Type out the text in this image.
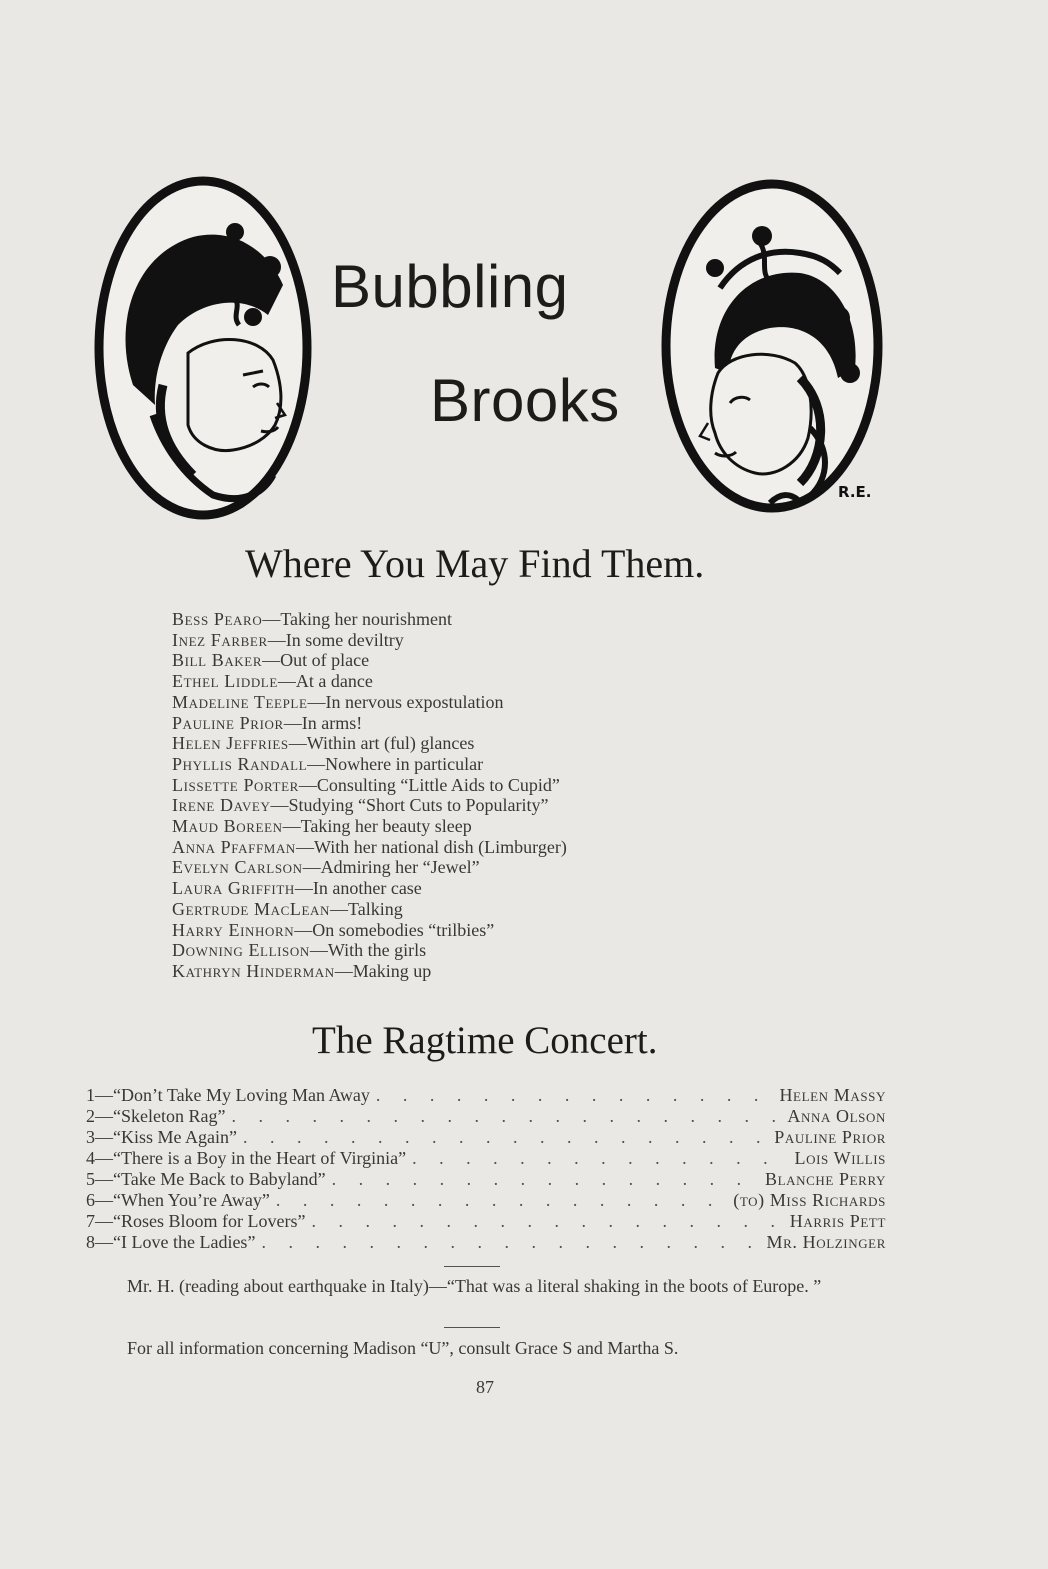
R.E.
Bubbling
Brooks
Where You May Find Them.
Bess Pearo—Taking her nourishment
Inez Farber—In some deviltry
Bill Baker—Out of place
Ethel Liddle—At a dance
Madeline Teeple—In nervous expostulation
Pauline Prior—In arms!
Helen Jeffries—Within art (ful) glances
Phyllis Randall—Nowhere in particular
Lissette Porter—Consulting “Little Aids to Cupid”
Irene Davey—Studying “Short Cuts to Popularity”
Maud Boreen—Taking her beauty sleep
Anna Pfaffman—With her national dish (Limburger)
Evelyn Carlson—Admiring her “Jewel”
Laura Griffith—In another case
Gertrude MacLean—Talking
Harry Einhorn—On somebodies “trilbies”
Downing Ellison—With the girls
Kathryn Hinderman—Making up
The Ragtime Concert.
1 — “Don’t Take My Loving Man Away . . .	Helen Massy
2 — “Skeleton Rag” . . .	Anna Olson
3 — “Kiss Me Again” . . .	Pauline Prior
4 — “There is a Boy in the Heart of Virginia” . . .	Lois Willis
5 — “Take Me Back to Babyland” . . .	Blanche Perry
6 — “When You’re Away” . . .	(to) Miss Richards
7 — “Roses Bloom for Lovers” . . .	Harris Pett
8 — “I Love the Ladies” . . .	Mr. Holzinger

Mr. H. (reading about earthquake in Italy)—“That was a literal shaking in the boots of Europe. ”

For all information concerning Madison “U”, consult Grace S and Martha S.

87
